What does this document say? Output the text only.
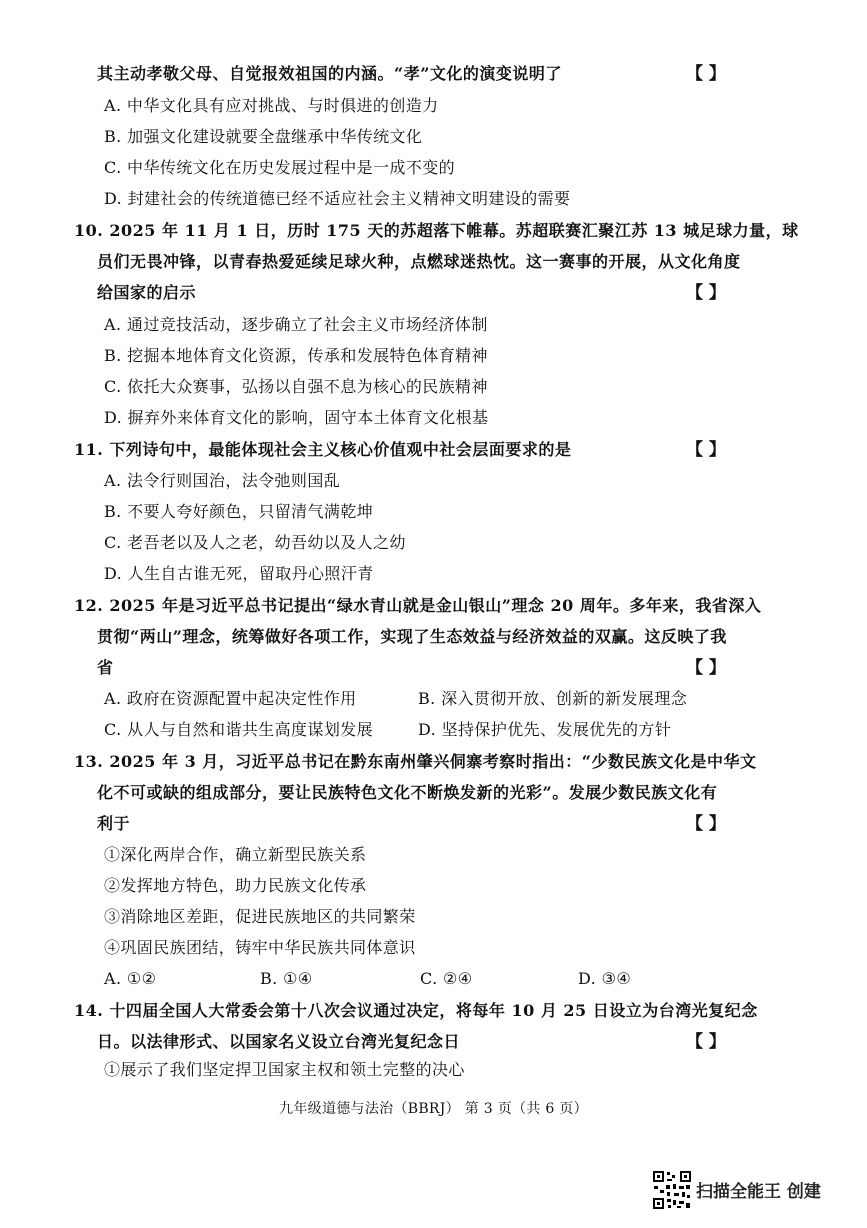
其主动孝敬父母、自觉报效祖国的内涵。“孝”文化的演变说明了	【 】
A. 中华文化具有应对挑战、与时俱进的创造力
B. 加强文化建设就要全盘继承中华传统文化
C. 中华传统文化在历史发展过程中是一成不变的
D. 封建社会的传统道德已经不适应社会主义精神文明建设的需要
10. 2025 年 11 月 1 日，历时 175 天的苏超落下帷幕。苏超联赛汇聚江苏 13 城足球力量，球
员们无畏冲锋，以青春热爱延续足球火种，点燃球迷热忱。这一赛事的开展，从文化角度
给国家的启示	【 】
A. 通过竞技活动，逐步确立了社会主义市场经济体制
B. 挖掘本地体育文化资源，传承和发展特色体育精神
C. 依托大众赛事，弘扬以自强不息为核心的民族精神
D. 摒弃外来体育文化的影响，固守本土体育文化根基
11. 下列诗句中，最能体现社会主义核心价值观中社会层面要求的是	【 】
A. 法令行则国治，法令弛则国乱
B. 不要人夸好颜色，只留清气满乾坤
C. 老吾老以及人之老，幼吾幼以及人之幼
D. 人生自古谁无死，留取丹心照汗青
12. 2025 年是习近平总书记提出“绿水青山就是金山银山”理念 20 周年。多年来，我省深入
贯彻“两山”理念，统筹做好各项工作，实现了生态效益与经济效益的双赢。这反映了我
省	【 】
A. 政府在资源配置中起决定性作用	B. 深入贯彻开放、创新的新发展理念
C. 从人与自然和谐共生高度谋划发展	D. 坚持保护优先、发展优先的方针
13. 2025 年 3 月，习近平总书记在黔东南州肇兴侗寨考察时指出：“少数民族文化是中华文
化不可或缺的组成部分，要让民族特色文化不断焕发新的光彩”。发展少数民族文化有
利于	【 】
①深化两岸合作，确立新型民族关系
②发挥地方特色，助力民族文化传承
③消除地区差距，促进民族地区的共同繁荣
④巩固民族团结，铸牢中华民族共同体意识
A. ①②	B. ①④	C. ②④	D. ③④
14. 十四届全国人大常委会第十八次会议通过决定，将每年 10 月 25 日设立为台湾光复纪念
日。以法律形式、以国家名义设立台湾光复纪念日	【 】
①展示了我们坚定捍卫国家主权和领土完整的决心
九年级道德与法治（BBRJ） 第 3 页（共 6 页）
扫描全能王 创建
